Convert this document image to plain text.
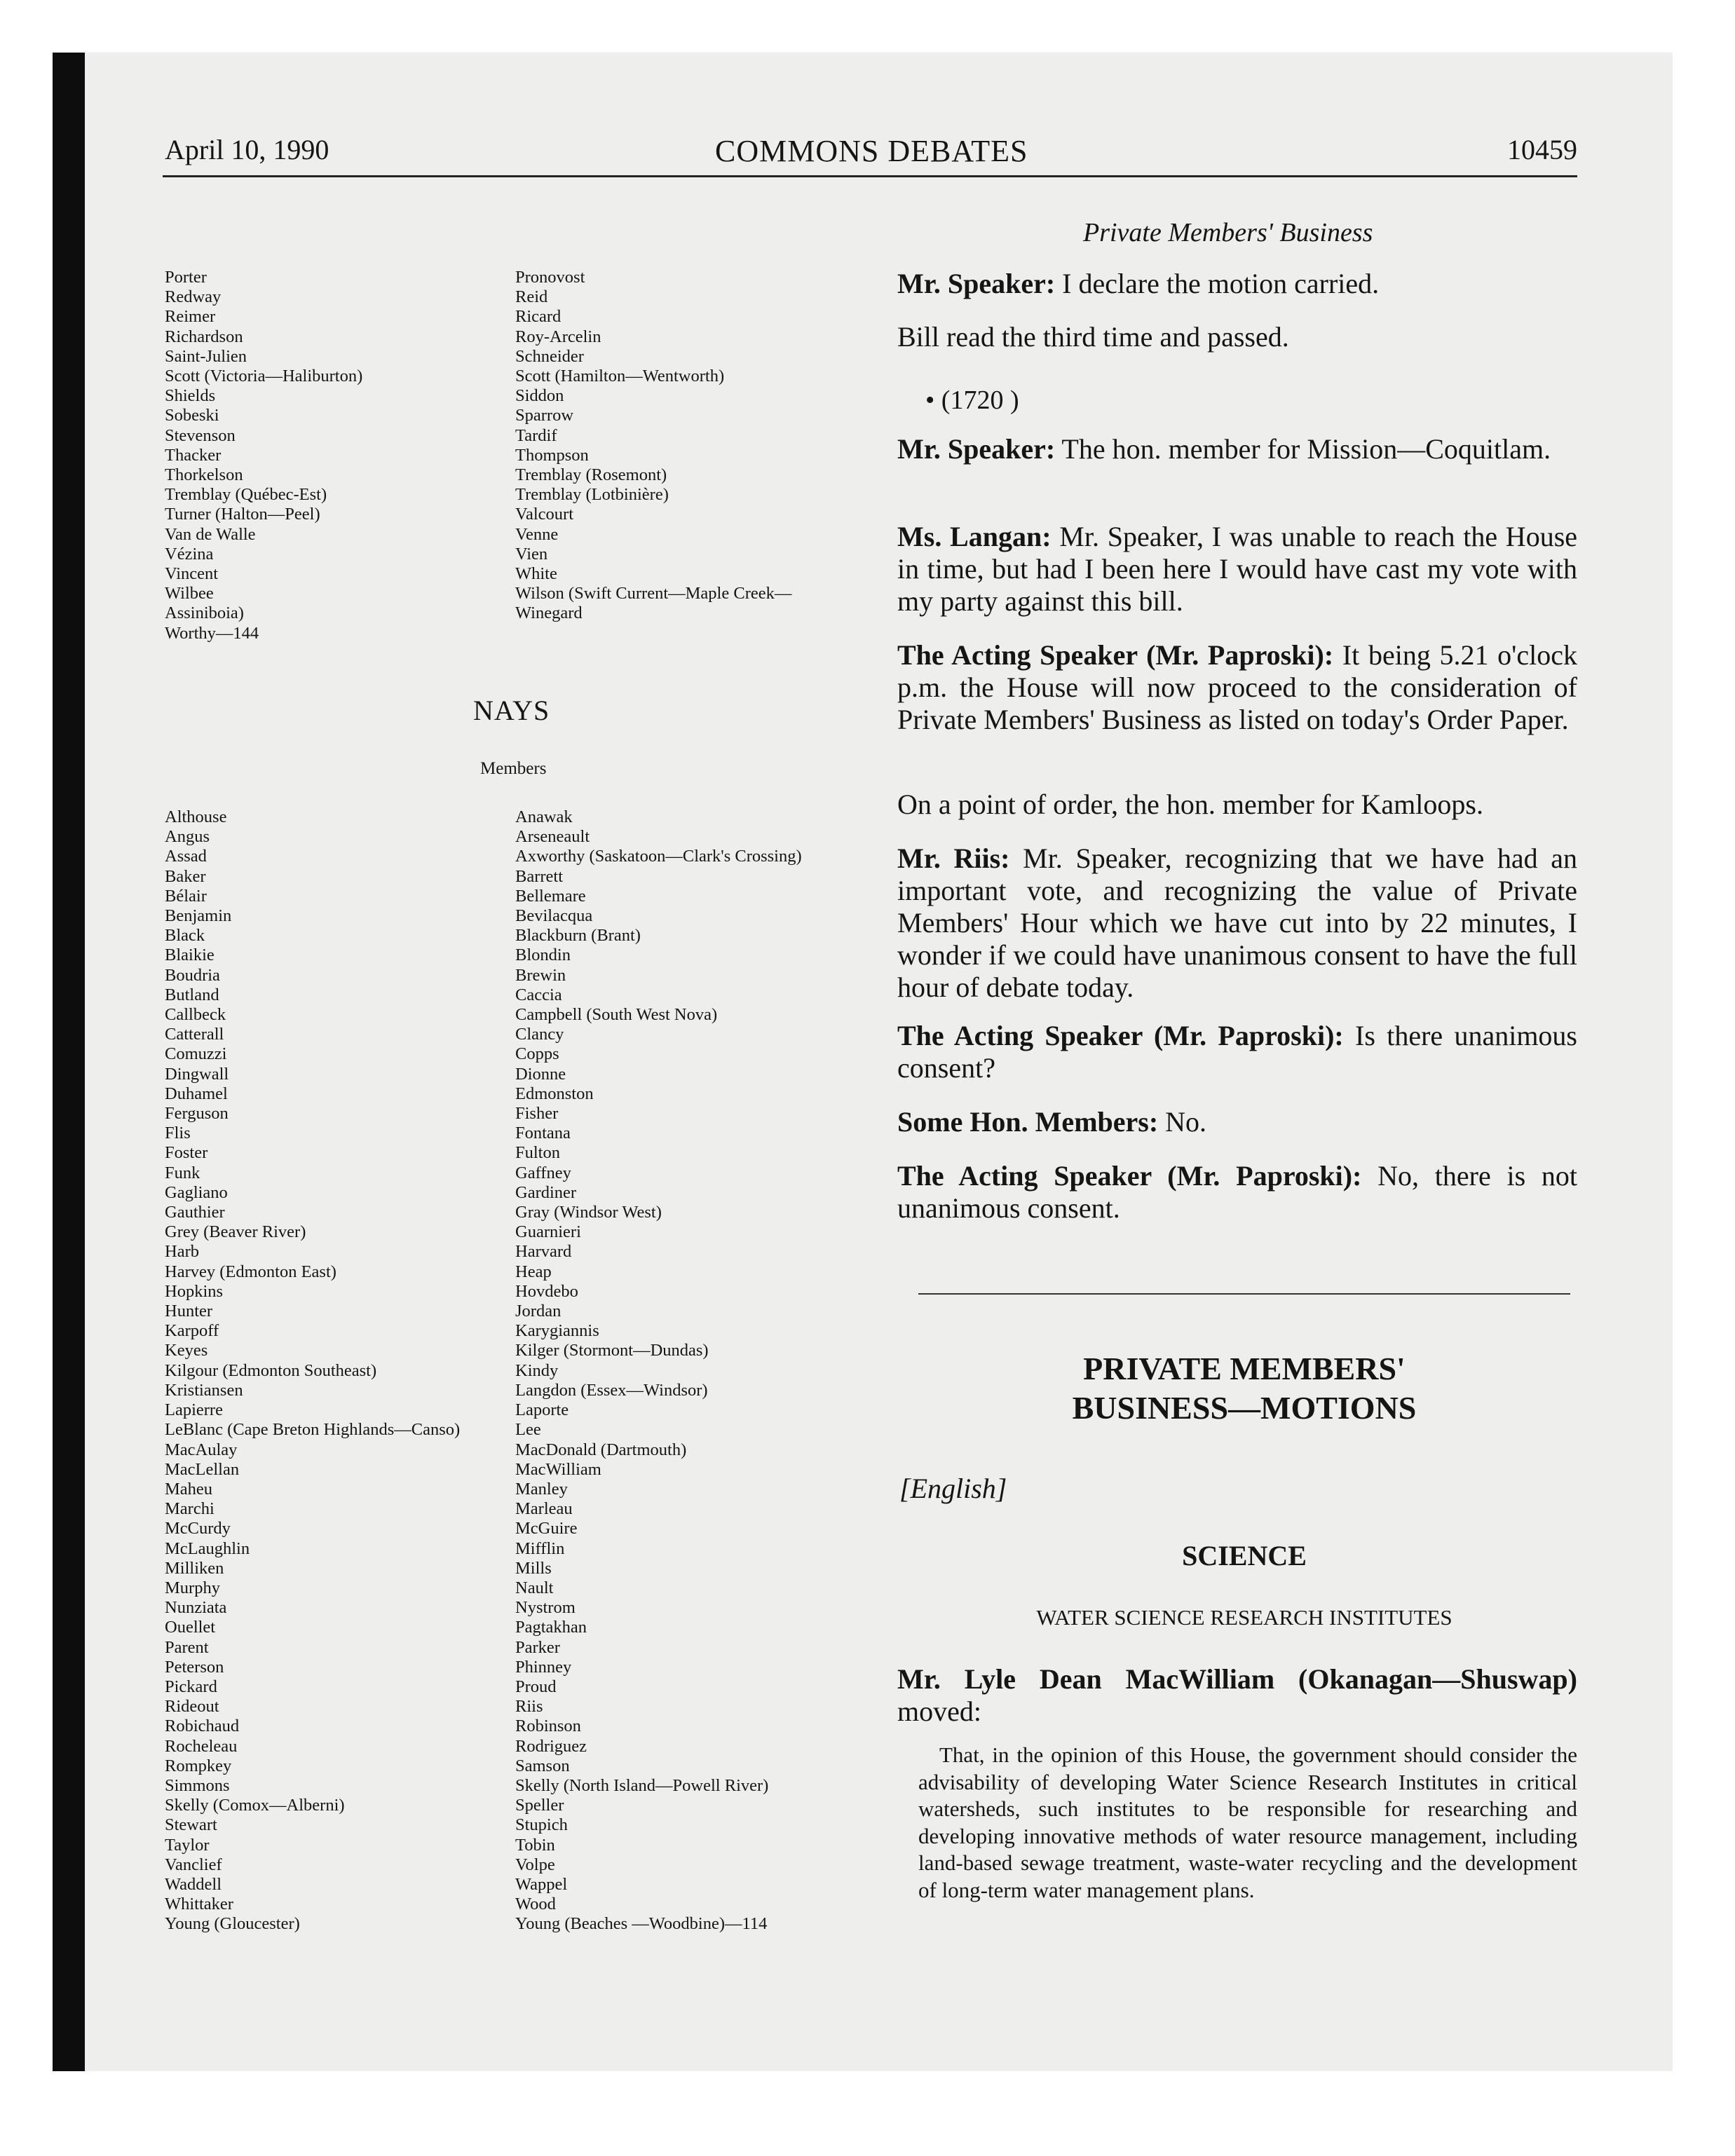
April 10, 1990	COMMONS DEBATES	10459
Porter
Redway
Reimer
Richardson
Saint-Julien
Scott (Victoria—Haliburton)
Shields
Sobeski
Stevenson
Thacker
Thorkelson
Tremblay (Québec-Est)
Turner (Halton—Peel)
Van de Walle
Vézina
Vincent
Wilbee
Assiniboia)
Worthy—144
Pronovost
Reid
Ricard
Roy-Arcelin
Schneider
Scott (Hamilton—Wentworth)
Siddon
Sparrow
Tardif
Thompson
Tremblay (Rosemont)
Tremblay (Lotbinière)
Valcourt
Venne
Vien
White
Wilson (Swift Current—Maple Creek—
Winegard
NAYS
Members
Althouse
Angus
Assad
Baker
Bélair
Benjamin
Black
Blaikie
Boudria
Butland
Callbeck
Catterall
Comuzzi
Dingwall
Duhamel
Ferguson
Flis
Foster
Funk
Gagliano
Gauthier
Grey (Beaver River)
Harb
Harvey (Edmonton East)
Hopkins
Hunter
Karpoff
Keyes
Kilgour (Edmonton Southeast)
Kristiansen
Lapierre
LeBlanc (Cape Breton Highlands—Canso)
MacAulay
MacLellan
Maheu
Marchi
McCurdy
McLaughlin
Milliken
Murphy
Nunziata
Ouellet
Parent
Peterson
Pickard
Rideout
Robichaud
Rocheleau
Rompkey
Simmons
Skelly (Comox—Alberni)
Stewart
Taylor
Vanclief
Waddell
Whittaker
Young (Gloucester)
Anawak
Arseneault
Axworthy (Saskatoon—Clark's Crossing)
Barrett
Bellemare
Bevilacqua
Blackburn (Brant)
Blondin
Brewin
Caccia
Campbell (South West Nova)
Clancy
Copps
Dionne
Edmonston
Fisher
Fontana
Fulton
Gaffney
Gardiner
Gray (Windsor West)
Guarnieri
Harvard
Heap
Hovdebo
Jordan
Karygiannis
Kilger (Stormont—Dundas)
Kindy
Langdon (Essex—Windsor)
Laporte
Lee
MacDonald (Dartmouth)
MacWilliam
Manley
Marleau
McGuire
Mifflin
Mills
Nault
Nystrom
Pagtakhan
Parker
Phinney
Proud
Riis
Robinson
Rodriguez
Samson
Skelly (North Island—Powell River)
Speller
Stupich
Tobin
Volpe
Wappel
Wood
Young (Beaches —Woodbine)—114
Private Members' Business
Mr. Speaker: I declare the motion carried.
Bill read the third time and passed.
• (1720 )
Mr. Speaker: The hon. member for Mission—Coquitlam.
Ms. Langan: Mr. Speaker, I was unable to reach the House in time, but had I been here I would have cast my vote with my party against this bill.
The Acting Speaker (Mr. Paproski): It being 5.21 o'clock p.m. the House will now proceed to the consideration of Private Members' Business as listed on today's Order Paper.
On a point of order, the hon. member for Kamloops.
Mr. Riis: Mr. Speaker, recognizing that we have had an important vote, and recognizing the value of Private Members' Hour which we have cut into by 22 minutes, I wonder if we could have unanimous consent to have the full hour of debate today.
The Acting Speaker (Mr. Paproski): Is there unanimous consent?
Some Hon. Members: No.
The Acting Speaker (Mr. Paproski): No, there is not unanimous consent.
PRIVATE MEMBERS'
BUSINESS—MOTIONS
[English]
SCIENCE
WATER SCIENCE RESEARCH INSTITUTES
Mr. Lyle Dean MacWilliam (Okanagan—Shuswap) moved:
That, in the opinion of this House, the government should consider the advisability of developing Water Science Research Institutes in critical watersheds, such institutes to be responsible for researching and developing innovative methods of water resource management, including land-based sewage treatment, waste-water recycling and the development of long-term water management plans.
